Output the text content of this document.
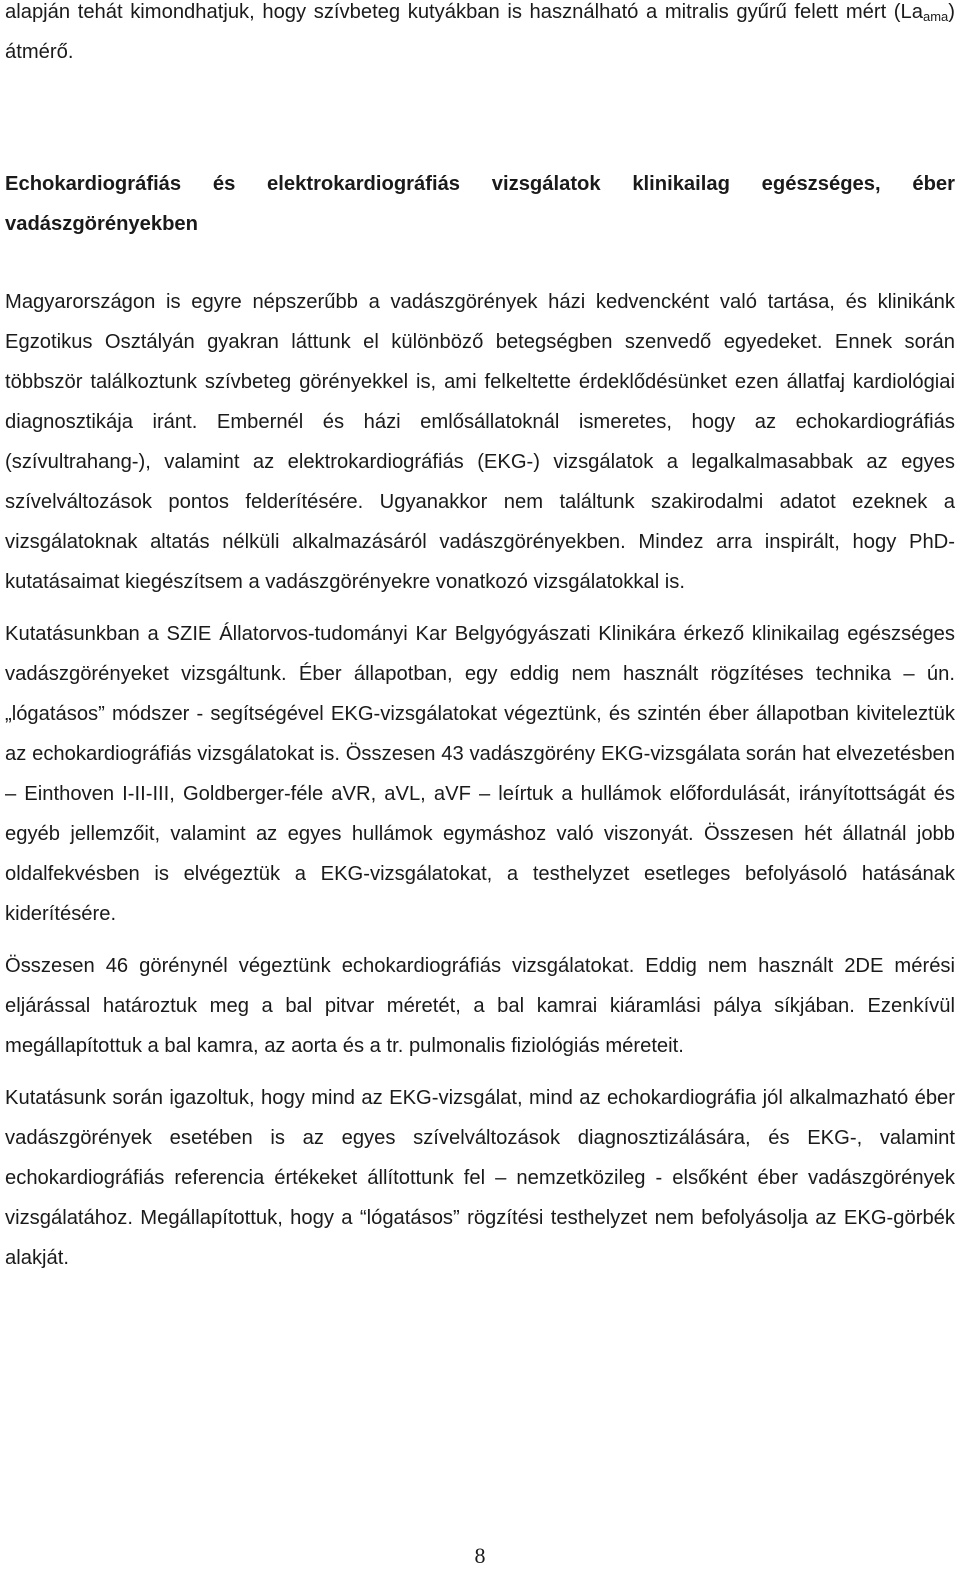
alapján tehát kimondhatjuk, hogy szívbeteg kutyákban is használható a mitralis gyűrű felett mért $(La_{ama})$ átmérő.

Echokardiográfiás és elektrokardiográfiás vizsgálatok klinikailag egészséges, éber vadászgörényekben

Magyarországon is egyre népszerűbb a vadászgörények házi kedvencként való tartása, és klinikánk Egzotikus Osztályán gyakran láttunk el különböző betegségben szenvedő egyedeket. Ennek során többször találkoztunk szívbeteg görényekkel is, ami felkeltette érdeklődésünket ezen állatfaj kardiológiai diagnosztikája iránt. Embernél és házi emlősállatoknál ismeretes, hogy az echokardiográfiás (szívultrahang-), valamint az elektrokardiográfiás (EKG-) vizsgálatok a legalkalmasabbak az egyes szívelváltozások pontos felderítésére. Ugyanakkor nem találtunk szakirodalmi adatot ezeknek a vizsgálatoknak altatás nélküli alkalmazásáról vadászgörényekben. Mindez arra inspirált, hogy PhD-kutatásaimat kiegészítsem a vadászgörényekre vonatkozó vizsgálatokkal is.

Kutatásunkban a SZIE Állatorvos-tudományi Kar Belgyógyászati Klinikára érkező klinikailag egészséges vadászgörényeket vizsgáltunk. Éber állapotban, egy eddig nem használt rögzítéses technika – ún. „lógatásos” módszer - segítségével EKG-vizsgálatokat végeztünk, és szintén éber állapotban kiviteleztük az echokardiográfiás vizsgálatokat is. Összesen 43 vadászgörény EKG-vizsgálata során hat elvezetésben – Einthoven I-II-III, Goldberger-féle aVR, aVL, aVF – leírtuk a hullámok előfordulását, irányítottságát és egyéb jellemzőit, valamint az egyes hullámok egymáshoz való viszonyát. Összesen hét állatnál jobb oldalfekvésben is elvégeztük a EKG-vizsgálatokat, a testhelyzet esetleges befolyásoló hatásának kiderítésére.

Összesen 46 görénynél végeztünk echokardiográfiás vizsgálatokat. Eddig nem használt 2DE mérési eljárással határoztuk meg a bal pitvar méretét, a bal kamrai kiáramlási pálya síkjában. Ezenkívül megállapítottuk a bal kamra, az aorta és a tr. pulmonalis fiziológiás méreteit.

Kutatásunk során igazoltuk, hogy mind az EKG-vizsgálat, mind az echokardiográfia jól alkalmazható éber vadászgörények esetében is az egyes szívelváltozások diagnosztizálására, és EKG-, valamint echokardiográfiás referencia értékeket állítottunk fel – nemzetközileg - elsőként éber vadászgörények vizsgálatához. Megállapítottuk, hogy a “lógatásos” rögzítési testhelyzet nem befolyásolja az EKG-görbék alakját.

8
